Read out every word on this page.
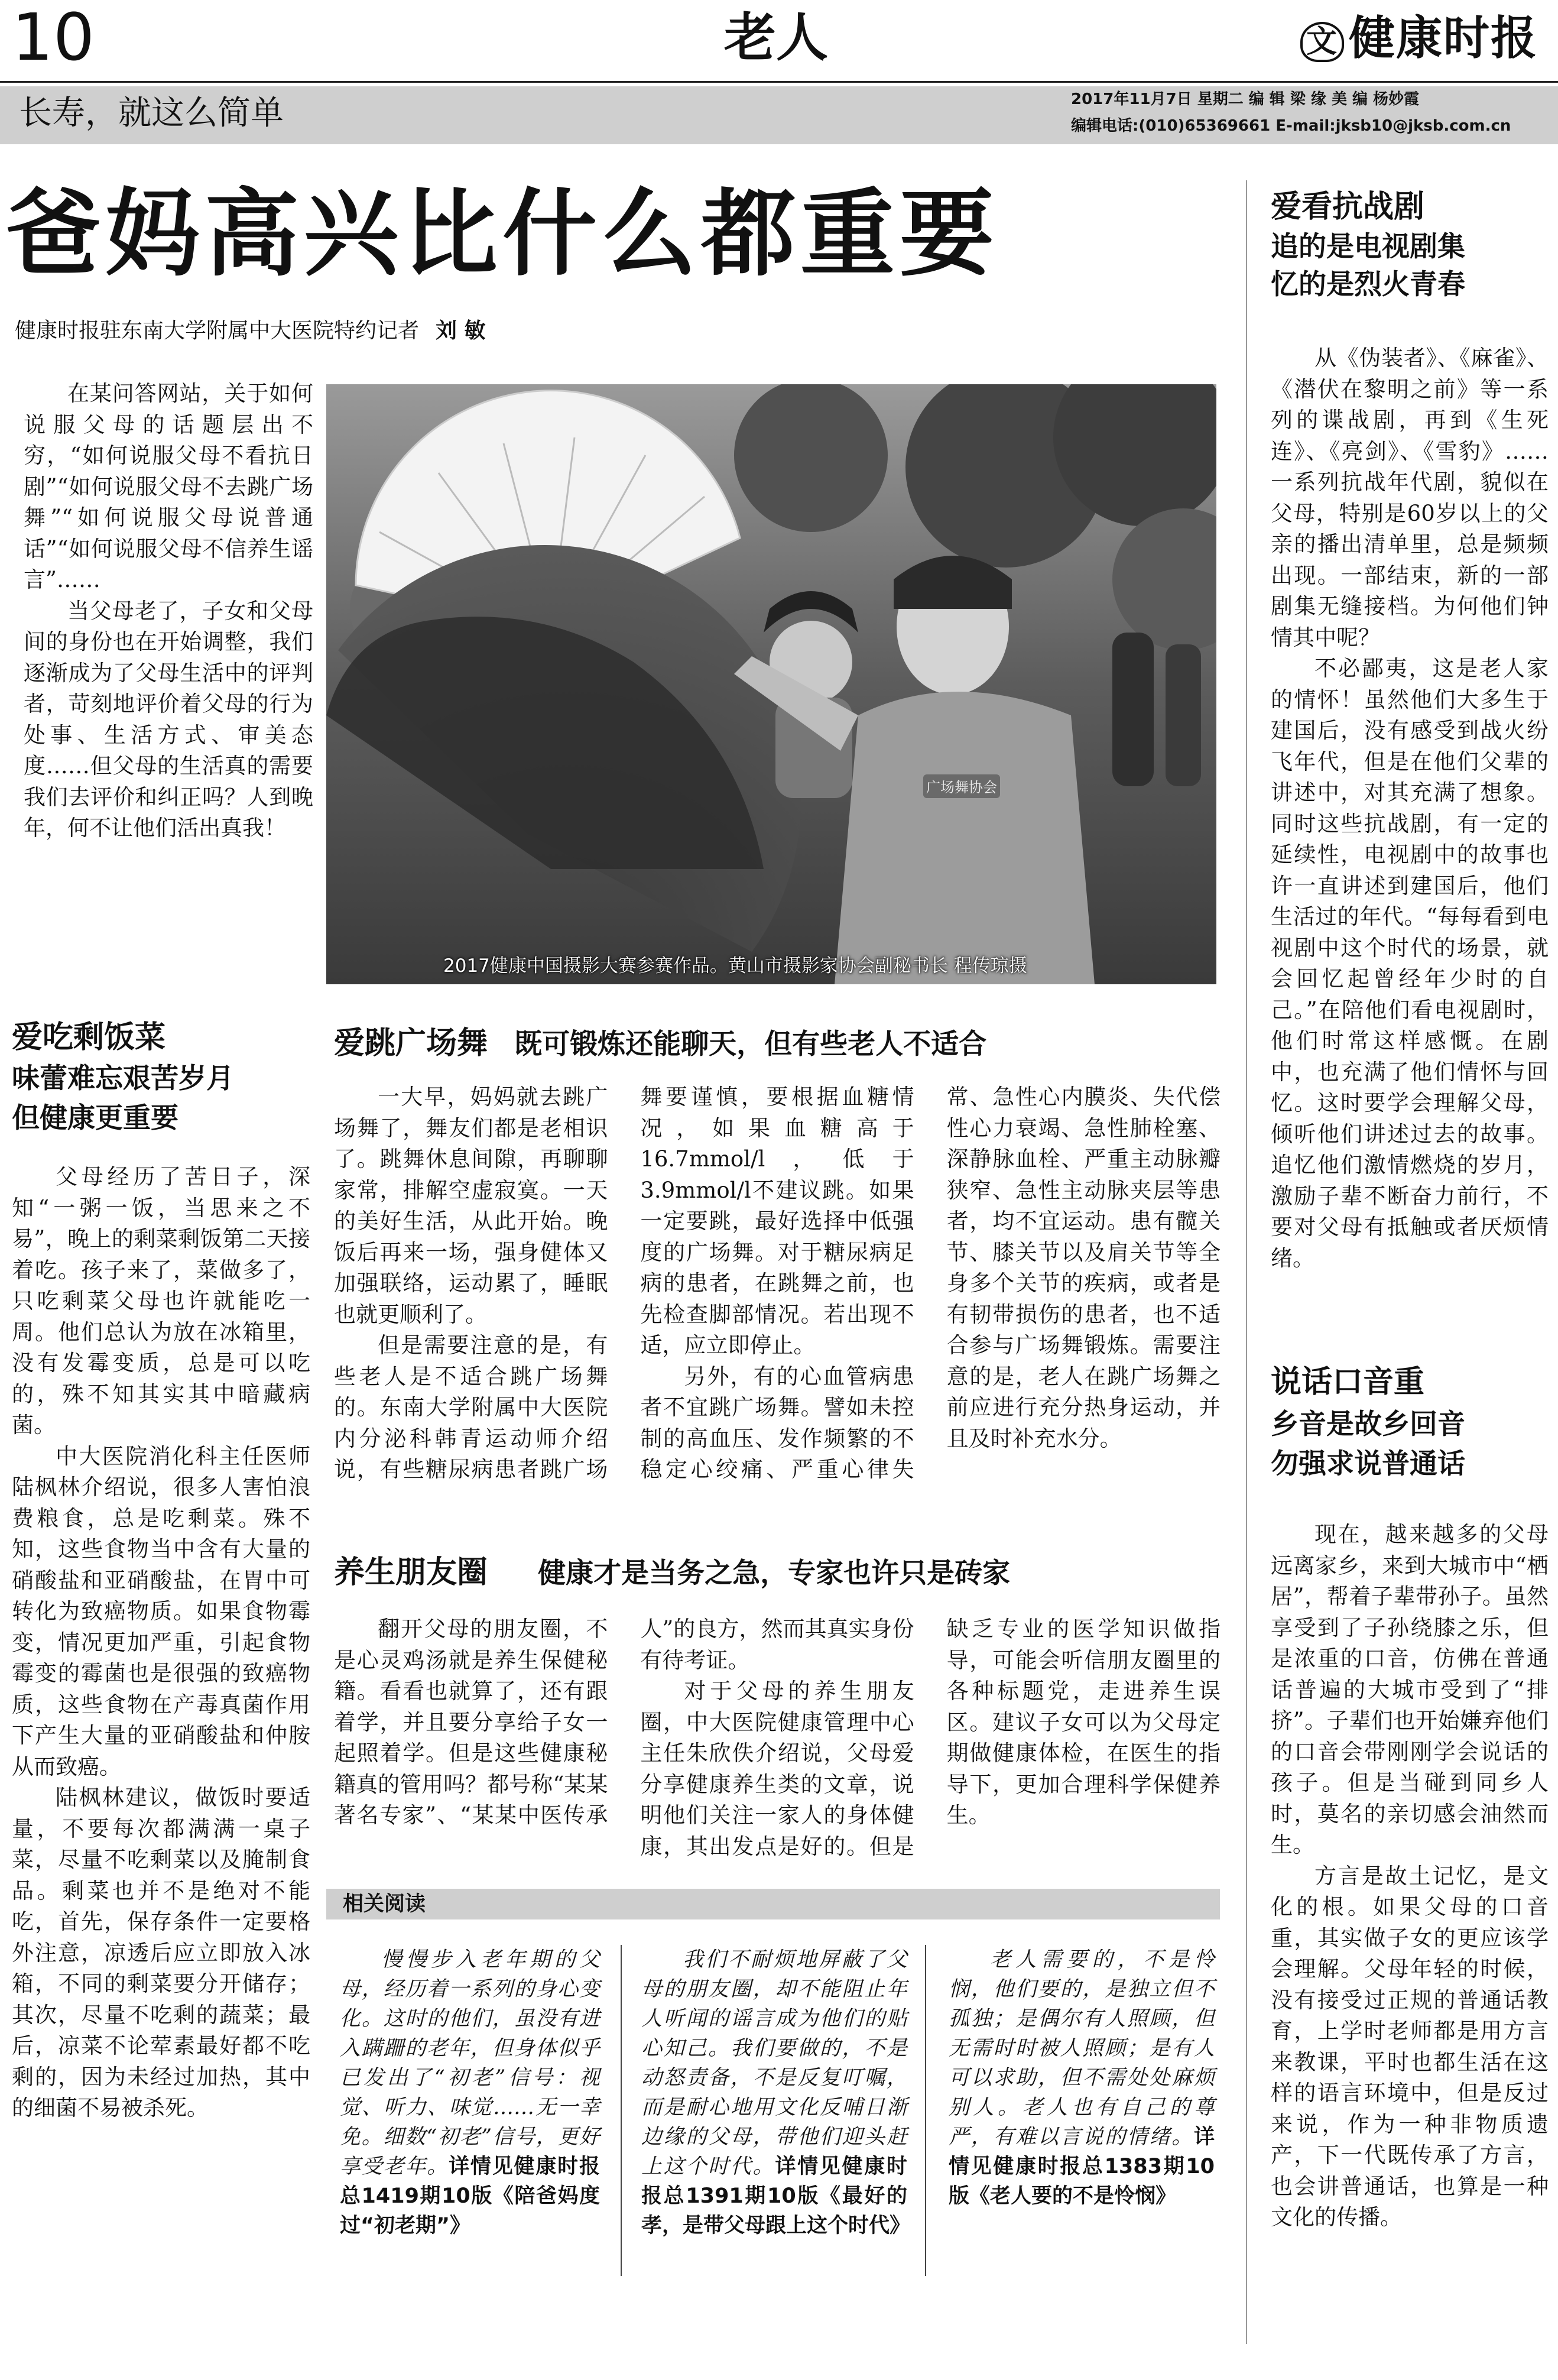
10	老人	文 健康时报
长寿，就这么简单	2017年11月7日 星期二 编 辑 梁 缘 美 编 杨妙霞
编辑电话:(010)65369661 E-mail:jksb10@jksb.com.cn
爸妈高兴比什么都重要
健康时报驻东南大学附属中大医院特约记者 刘 敏

在某问答网站，关于如何说服父母的话题层出不穷，“如何说服父母不看抗日剧”“如何说服父母不去跳广场舞”“如何说服父母说普通话”“如何说服父母不信养生谣言”……

当父母老了，子女和父母间的身份也在开始调整，我们逐渐成为了父母生活中的评判者，苛刻地评价着父母的行为处事、生活方式、审美态度……但父母的生活真的需要我们去评价和纠正吗？人到晚年，何不让他们活出真我！

广场舞协会
2017健康中国摄影大赛参赛作品。黄山市摄影家协会副秘书长 程传琼摄
爱吃剩饭菜
味蕾难忘艰苦岁月
但健康更重要

父母经历了苦日子，深知“一粥一饭，当思来之不易”，晚上的剩菜剩饭第二天接着吃。孩子来了，菜做多了，只吃剩菜父母也许就能吃一周。他们总认为放在冰箱里，没有发霉变质，总是可以吃的，殊不知其实其中暗藏病菌。

中大医院消化科主任医师陆枫林介绍说，很多人害怕浪费粮食，总是吃剩菜。殊不知，这些食物当中含有大量的硝酸盐和亚硝酸盐，在胃中可转化为致癌物质。如果食物霉变，情况更加严重，引起食物霉变的霉菌也是很强的致癌物质，这些食物在产毒真菌作用下产生大量的亚硝酸盐和仲胺从而致癌。

陆枫林建议，做饭时要适量，不要每次都满满一桌子菜，尽量不吃剩菜以及腌制食品。剩菜也并不是绝对不能吃，首先，保存条件一定要格外注意，凉透后应立即放入冰箱，不同的剩菜要分开储存；其次，尽量不吃剩的蔬菜；最后，凉菜不论荤素最好都不吃剩的，因为未经过加热，其中的细菌不易被杀死。

爱跳广场舞 既可锻炼还能聊天，但有些老人不适合

一大早，妈妈就去跳广场舞了，舞友们都是老相识了。跳舞休息间隙，再聊聊家常，排解空虚寂寞。一天的美好生活，从此开始。晚饭后再来一场，强身健体又加强联络，运动累了，睡眠也就更顺利了。

但是需要注意的是，有些老人是不适合跳广场舞的。东南大学附属中大医院内分泌科韩青运动师介绍说，有些糖尿病患者跳广场舞要谨慎，要根据血糖情况，如果血糖高于16.7mmol/l，低于3.9mmol/l不建议跳。如果一定要跳，最好选择中低强度的广场舞。对于糖尿病足病的患者，在跳舞之前，也先检查脚部情况。若出现不适，应立即停止。

另外，有的心血管病患者不宜跳广场舞。譬如未控制的高血压、发作频繁的不稳定心绞痛、严重心律失常、急性心内膜炎、失代偿性心力衰竭、急性肺栓塞、深静脉血栓、严重主动脉瓣狭窄、急性主动脉夹层等患者，均不宜运动。患有髋关节、膝关节以及肩关节等全身多个关节的疾病，或者是有韧带损伤的患者，也不适合参与广场舞锻炼。需要注意的是，老人在跳广场舞之前应进行充分热身运动，并且及时补充水分。

养生朋友圈 健康才是当务之急，专家也许只是砖家

翻开父母的朋友圈，不是心灵鸡汤就是养生保健秘籍。看看也就算了，还有跟着学，并且要分享给子女一起照着学。但是这些健康秘籍真的管用吗？都号称“某某著名专家”、“某某中医传承人”的良方，然而其真实身份有待考证。

对于父母的养生朋友圈，中大医院健康管理中心主任朱欣佚介绍说，父母爱分享健康养生类的文章，说明他们关注一家人的身体健康，其出发点是好的。但是缺乏专业的医学知识做指导，可能会听信朋友圈里的各种标题党，走进养生误区。建议子女可以为父母定期做健康体检，在医生的指导下，更加合理科学保健养生。

相关阅读

慢慢步入老年期的父母，经历着一系列的身心变化。这时的他们，虽没有进入蹒跚的老年，但身体似乎已发出了“初老”信号：视觉、听力、味觉……无一幸免。细数“初老”信号，更好享受老年。详情见健康时报总1419期10版《陪爸妈度过“初老期”》

我们不耐烦地屏蔽了父母的朋友圈，却不能阻止年人听闻的谣言成为他们的贴心知己。我们要做的，不是动怒责备，不是反复叮嘱，而是耐心地用文化反哺日渐边缘的父母，带他们迎头赶上这个时代。详情见健康时报总1391期10版《最好的孝，是带父母跟上这个时代》

老人需要的，不是怜悯，他们要的，是独立但不孤独；是偶尔有人照顾，但无需时时被人照顾；是有人可以求助，但不需处处麻烦别人。老人也有自己的尊严，有难以言说的情绪。详情见健康时报总1383期10版《老人要的不是怜悯》

爱看抗战剧
追的是电视剧集
忆的是烈火青春

从《伪装者》、《麻雀》、《潜伏在黎明之前》等一系列的谍战剧，再到《生死连》、《亮剑》、《雪豹》……一系列抗战年代剧，貌似在父母，特别是60岁以上的父亲的播出清单里，总是频频出现。一部结束，新的一部剧集无缝接档。为何他们钟情其中呢？

不必鄙夷，这是老人家的情怀！虽然他们大多生于建国后，没有感受到战火纷飞年代，但是在他们父辈的讲述中，对其充满了想象。同时这些抗战剧，有一定的延续性，电视剧中的故事也许一直讲述到建国后，他们生活过的年代。“每每看到电视剧中这个时代的场景，就会回忆起曾经年少时的自己。”在陪他们看电视剧时，他们时常这样感慨。在剧中，也充满了他们情怀与回忆。这时要学会理解父母，倾听他们讲述过去的故事。追忆他们激情燃烧的岁月，激励子辈不断奋力前行，不要对父母有抵触或者厌烦情绪。

说话口音重
乡音是故乡回音
勿强求说普通话

现在，越来越多的父母远离家乡，来到大城市中“栖居”，帮着子辈带孙子。虽然享受到了子孙绕膝之乐，但是浓重的口音，仿佛在普通话普遍的大城市受到了“排挤”。子辈们也开始嫌弃他们的口音会带刚刚学会说话的孩子。但是当碰到同乡人时，莫名的亲切感会油然而生。

方言是故土记忆，是文化的根。如果父母的口音重，其实做子女的更应该学会理解。父母年轻的时候，没有接受过正规的普通话教育，上学时老师都是用方言来教课，平时也都生活在这样的语言环境中，但是反过来说，作为一种非物质遗产，下一代既传承了方言，也会讲普通话，也算是一种文化的传播。
